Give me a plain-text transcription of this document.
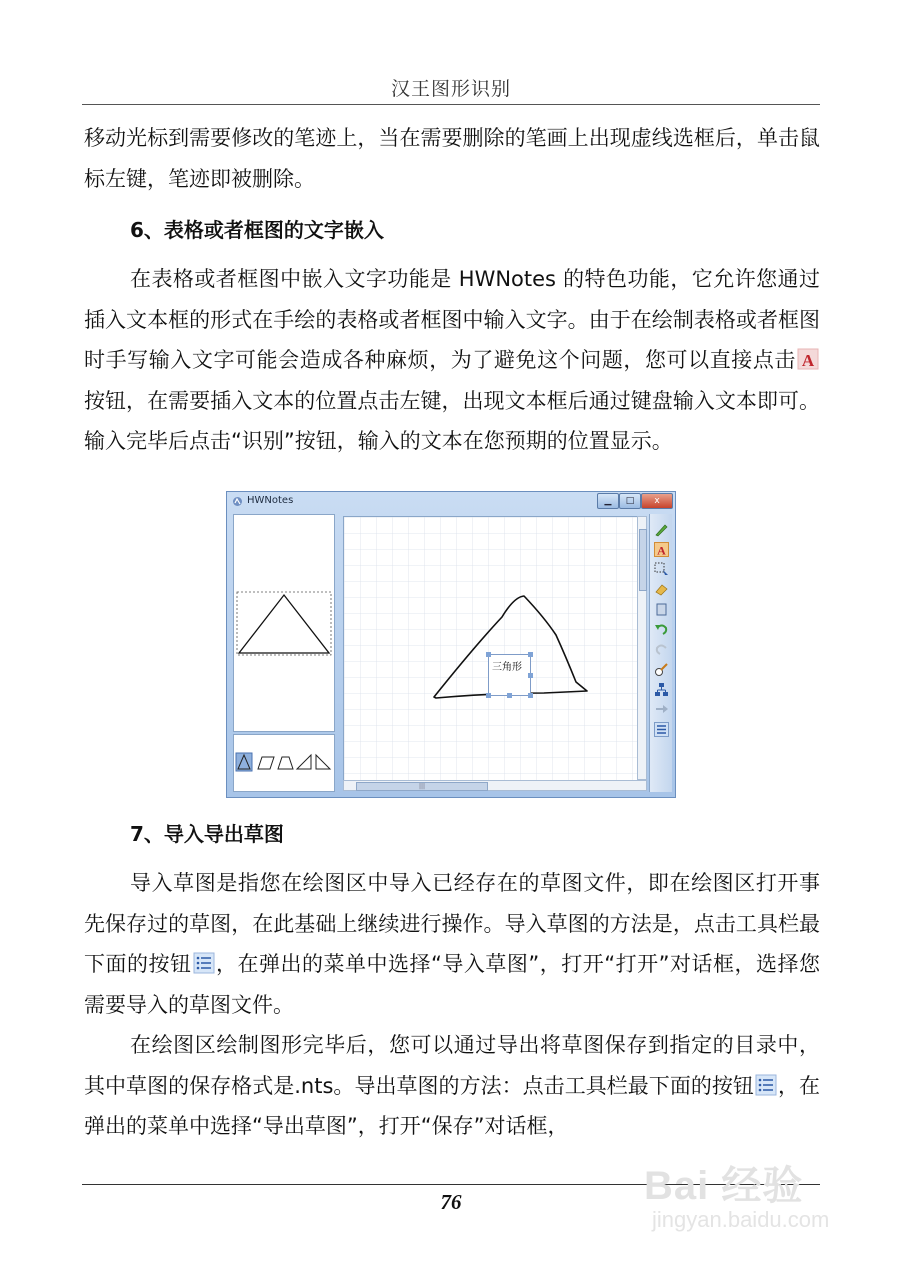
汉王图形识别

移动光标到需要修改的笔迹上，当在需要删除的笔画上出现虚线选框后，单击鼠标左键，笔迹即被删除。

6、表格或者框图的文字嵌入

在表格或者框图中嵌入文字功能是 HWNotes 的特色功能，它允许您通过插入文本框的形式在手绘的表格或者框图中输入文字。由于在绘制表格或者框图时手写输入文字可能会造成各种麻烦，为了避免这个问题，您可以直接点击 A
按钮，在需要插入文本的位置点击左键，出现文本框后通过键盘输入文本即可。输入完毕后点击“识别”按钮，输入的文本在您预期的位置显示。

HWNotes	▁	□	x
三角形
|||
A

7、导入导出草图

导入草图是指您在绘图区中导入已经存在的草图文件，即在绘图区打开事先保存过的草图，在此基础上继续进行操作。导入草图的方法是，点击工具栏最下面的按钮 ，在弹出的菜单中选择“导入草图”，打开“打开”对话框，选择您需要导入的草图文件。

在绘图区绘制图形完毕后，您可以通过导出将草图保存到指定的目录中，其中草图的保存格式是.nts。导出草图的方法：点击工具栏最下面的按钮 ，在弹出的菜单中选择“导出草图”，打开“保存”对话框，

76	Bai 经验
jingyan.baidu.com
